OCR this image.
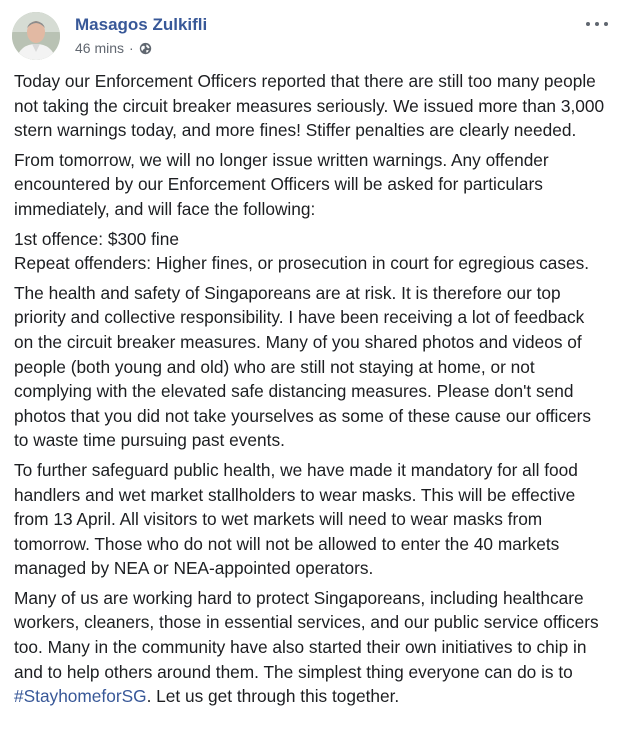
Masagos Zulkifli
46 mins ·

Today our Enforcement Officers reported that there are still too many people not taking the circuit breaker measures seriously. We issued more than 3,000 stern warnings today, and more fines! Stiffer penalties are clearly needed.

From tomorrow, we will no longer issue written warnings. Any offender encountered by our Enforcement Officers will be asked for particulars immediately, and will face the following:

1st offence: $300 fine

Repeat offenders: Higher fines, or prosecution in court for egregious cases.

The health and safety of Singaporeans are at risk. It is therefore our top priority and collective responsibility. I have been receiving a lot of feedback on the circuit breaker measures. Many of you shared photos and videos of people (both young and old) who are still not staying at home, or not complying with the elevated safe distancing measures. Please don't send photos that you did not take yourselves as some of these cause our officers to waste time pursuing past events.

To further safeguard public health, we have made it mandatory for all food handlers and wet market stallholders to wear masks. This will be effective from 13 April. All visitors to wet markets will need to wear masks from tomorrow. Those who do not will not be allowed to enter the 40 markets managed by NEA or NEA-appointed operators.

Many of us are working hard to protect Singaporeans, including healthcare workers, cleaners, those in essential services, and our public service officers too. Many in the community have also started their own initiatives to chip in and to help others around them. The simplest thing everyone can do is to #StayhomeforSG. Let us get through this together.
